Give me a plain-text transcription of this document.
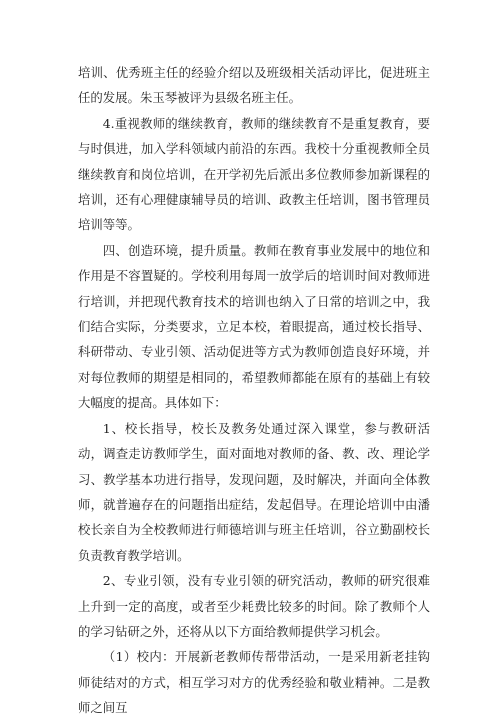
培训、优秀班主任的经验介绍以及班级相关活动评比，促进班主任的发展。朱玉琴被评为县级名班主任。

4.重视教师的继续教育，教师的继续教育不是重复教育，要与时俱进，加入学科领域内前沿的东西。我校十分重视教师全员继续教育和岗位培训，在开学初先后派出多位教师参加新课程的培训，还有心理健康辅导员的培训、政教主任培训，图书管理员培训等等。

四、创造环境，提升质量。教师在教育事业发展中的地位和作用是不容置疑的。学校利用每周一放学后的培训时间对教师进行培训，并把现代教育技术的培训也纳入了日常的培训之中，我们结合实际，分类要求，立足本校，着眼提高，通过校长指导、科研带动、专业引领、活动促进等方式为教师创造良好环境，并对每位教师的期望是相同的，希望教师都能在原有的基础上有较大幅度的提高。具体如下：

1、校长指导，校长及教务处通过深入课堂，参与教研活动，调查走访教师学生，面对面地对教师的备、教、改、理论学习、教学基本功进行指导，发现问题，及时解决，并面向全体教师，就普遍存在的问题指出症结，发起倡导。在理论培训中由潘校长亲自为全校教师进行师德培训与班主任培训，谷立勤副校长负责教育教学培训。

2、专业引领，没有专业引领的研究活动，教师的研究很难上升到一定的高度，或者至少耗费比较多的时间。除了教师个人的学习钻研之外，还将从以下方面给教师提供学习机会。

（1）校内：开展新老教师传帮带活动，一是采用新老挂钩师徒结对的方式，相互学习对方的优秀经验和敬业精神。二是教师之间互
